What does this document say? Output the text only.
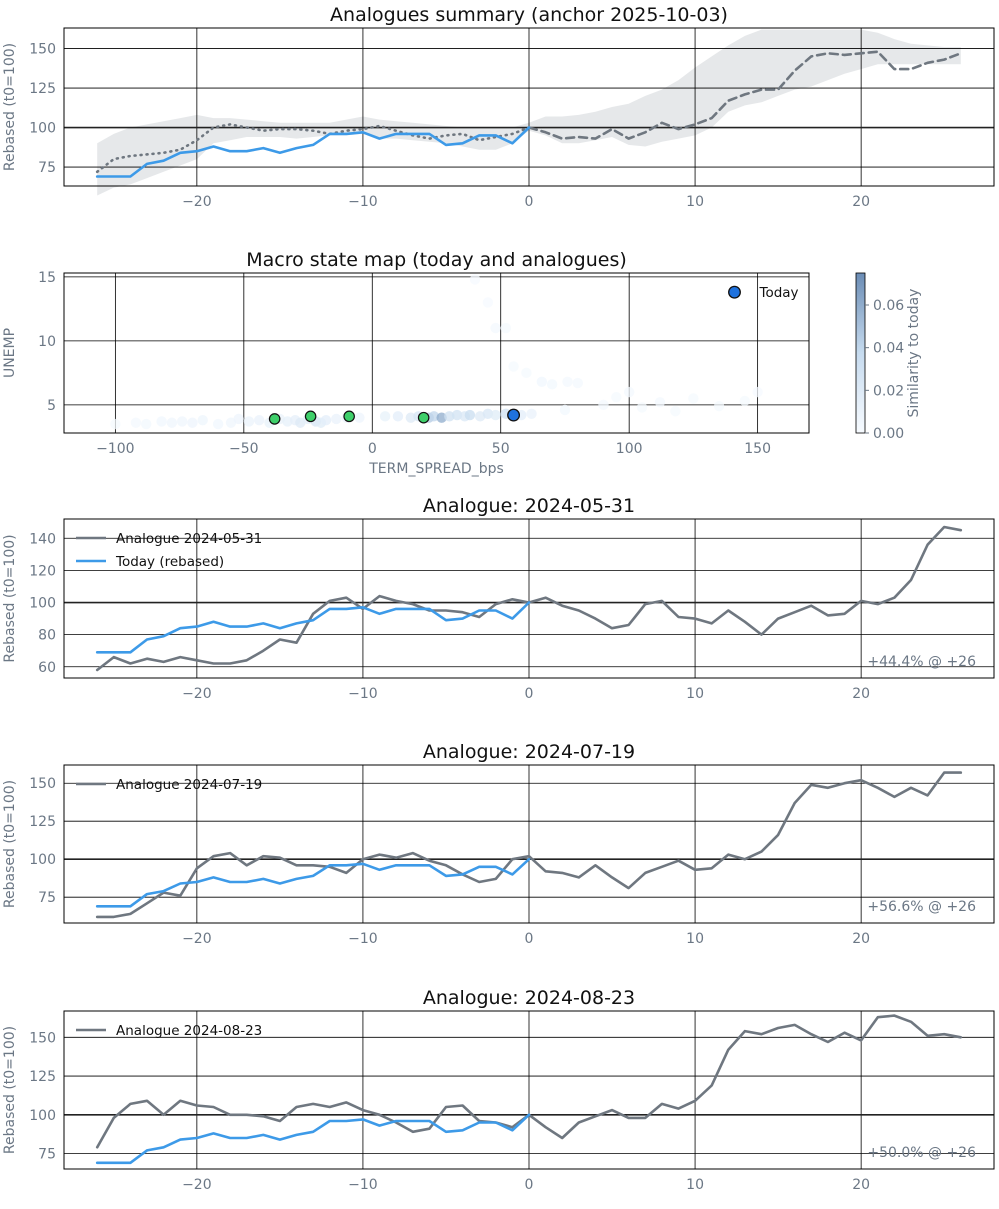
−20	−10	0	10	20
75
100
125
150
Analogues summary (anchor 2025-10-03)
Rebased (t0=100)
−100	−50	0	50	100	150
5
10
15
Macro state map (today and analogues)
UNEMP
TERM_SPREAD_bps
Today
0.00
0.02
0.04
0.06 Similarity to today
−20	−10	0	10	20
60
80
100
120
140
Analogue: 2024-05-31
Rebased (t0=100)	Analogue 2024-05-31
Today (rebased)
+44.4% @ +26
−20	−10	0	10	20
75
100
125
150
Analogue: 2024-07-19
Rebased (t0=100)	Analogue 2024-07-19
+56.6% @ +26
−20	−10	0	10	20
75
100
125
150
Analogue: 2024-08-23
Rebased (t0=100)	Analogue 2024-08-23
+50.0% @ +26
